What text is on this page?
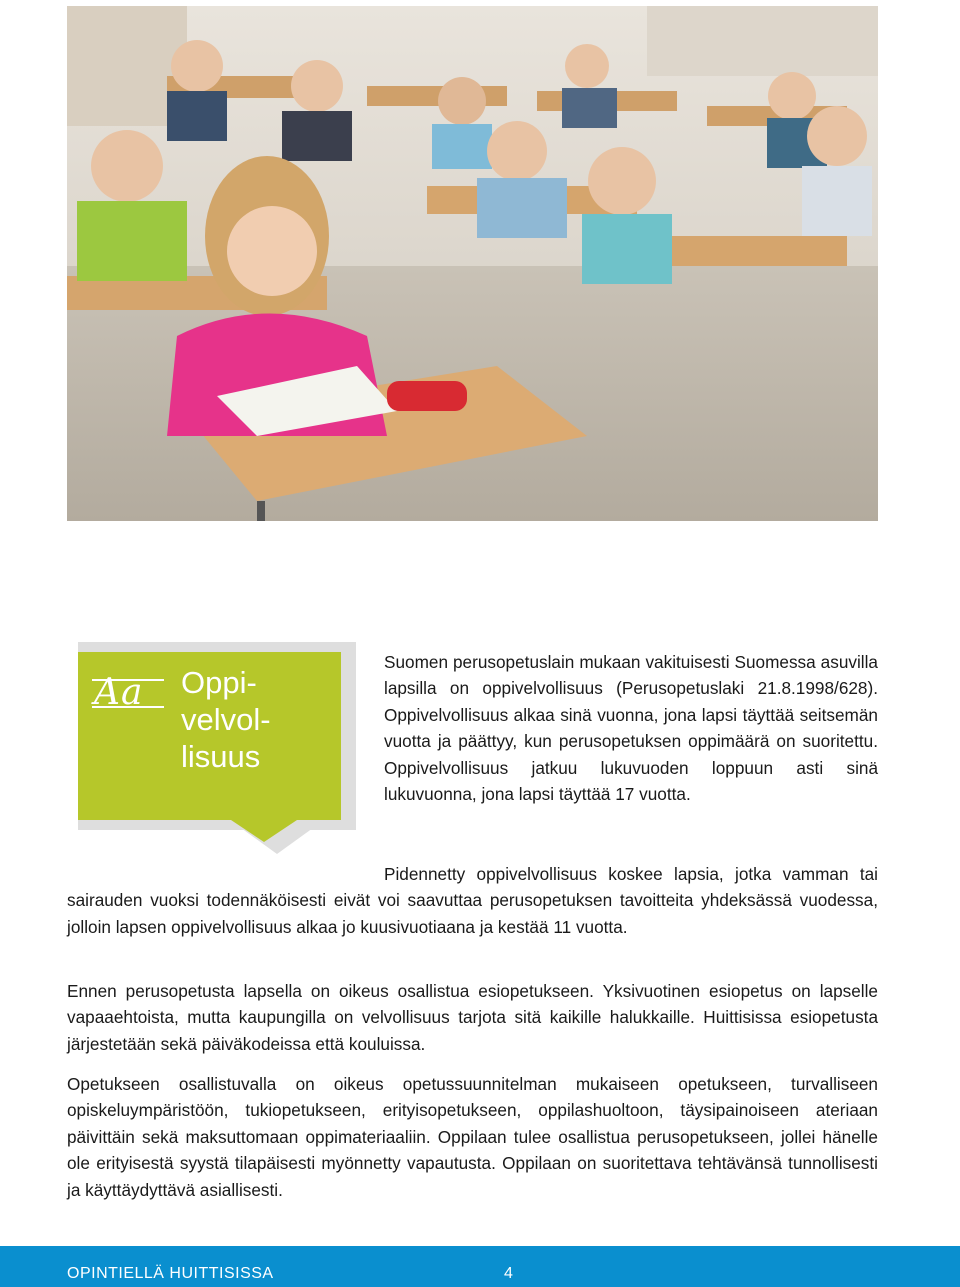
Aa Oppi-
velvol-
lisuus

Suomen perusopetuslain mukaan vakituisesti Suomessa asuvilla lapsilla on oppivelvollisuus (Perusopetuslaki 21.8.1998/628). Oppivelvollisuus alkaa sinä vuonna, jona lapsi täyttää seitsemän vuotta ja päättyy, kun perusopetuksen oppimäärä on suoritettu. Oppivelvollisuus jatkuu lukuvuoden loppuun asti sinä lukuvuonna, jona lapsi täyttää 17 vuotta.

Pidennetty oppivelvollisuus koskee lapsia, jotka vamman tai sairauden vuoksi todennäköisesti eivät voi saavuttaa perusopetuksen tavoitteita yhdeksässä vuodessa, jolloin lapsen oppivelvollisuus alkaa jo kuusivuotiaana ja kestää 11 vuotta.

Ennen perusopetusta lapsella on oikeus osallistua esiopetukseen. Yksivuotinen esiopetus on lapselle vapaaehtoista, mutta kaupungilla on velvollisuus tarjota sitä kaikille halukkaille. Huittisissa esiopetusta järjestetään sekä päiväkodeissa että kouluissa.

Opetukseen osallistuvalla on oikeus opetussuunnitelman mukaiseen opetukseen, turvalliseen opiskeluympäristöön, tukiopetukseen, erityisopetukseen, oppilashuoltoon, täysipainoiseen ateriaan päivittäin sekä maksuttomaan oppimateriaaliin. Oppilaan tulee osallistua perusopetukseen, jollei hänelle ole erityisestä syystä tilapäisesti myönnetty vapautusta. Oppilaan on suoritettava tehtävänsä tunnollisesti ja käyttäydyttävä asiallisesti.

OPINTIELLÄ HUITTISISSA	4
